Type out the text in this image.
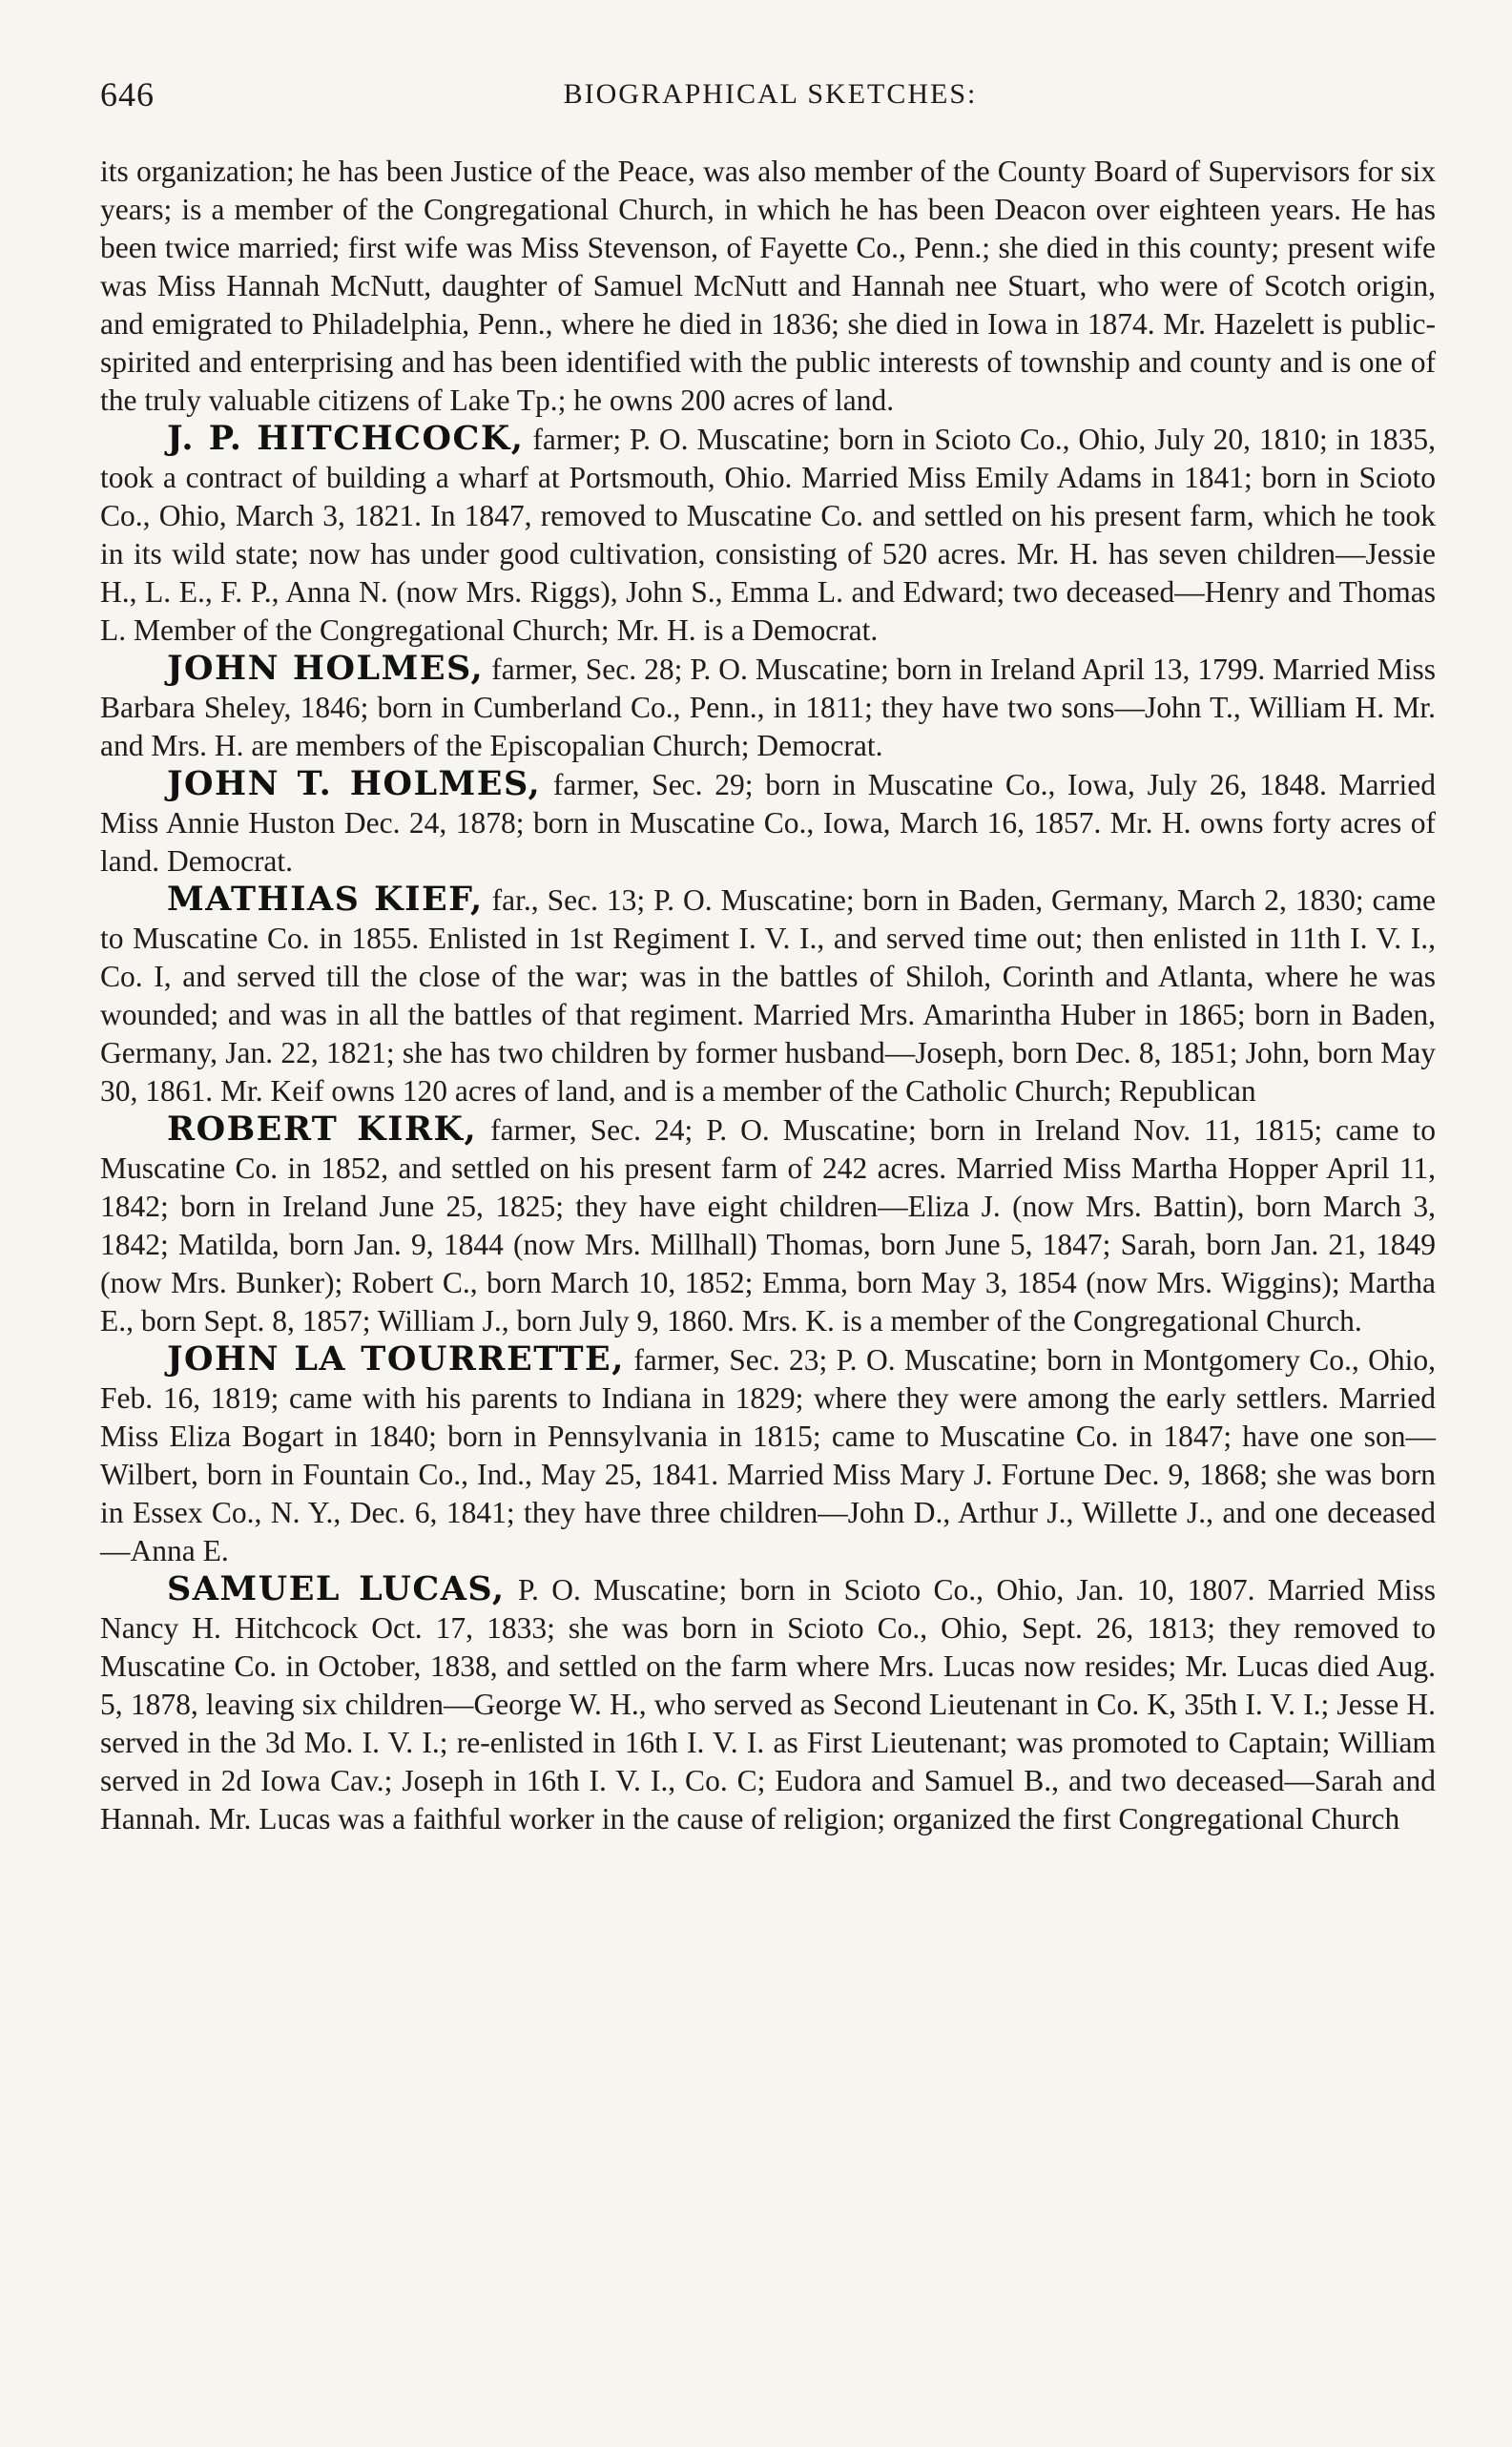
646	BIOGRAPHICAL SKETCHES:

its organization; he has been Justice of the Peace, was also member of the County Board of Supervisors for six years; is a member of the Congregational Church, in which he has been Deacon over eighteen years. He has been twice married; first wife was Miss Stevenson, of Fayette Co., Penn.; she died in this county; present wife was Miss Hannah McNutt, daughter of Samuel McNutt and Hannah nee Stuart, who were of Scotch origin, and emigrated to Philadelphia, Penn., where he died in 1836; she died in Iowa in 1874. Mr. Hazelett is public-spirited and enterprising and has been identified with the public interests of township and county and is one of the truly valuable citizens of Lake Tp.; he owns 200 acres of land.

J. P. HITCHCOCK, farmer; P. O. Muscatine; born in Scioto Co., Ohio, July 20, 1810; in 1835, took a contract of building a wharf at Portsmouth, Ohio. Married Miss Emily Adams in 1841; born in Scioto Co., Ohio, March 3, 1821. In 1847, removed to Muscatine Co. and settled on his present farm, which he took in its wild state; now has under good cultivation, consisting of 520 acres. Mr. H. has seven children—Jessie H., L. E., F. P., Anna N. (now Mrs. Riggs), John S., Emma L. and Edward; two deceased—Henry and Thomas L. Member of the Congregational Church; Mr. H. is a Democrat.

JOHN HOLMES, farmer, Sec. 28; P. O. Muscatine; born in Ireland April 13, 1799. Married Miss Barbara Sheley, 1846; born in Cumberland Co., Penn., in 1811; they have two sons—John T., William H. Mr. and Mrs. H. are members of the Episcopalian Church; Democrat.

JOHN T. HOLMES, farmer, Sec. 29; born in Muscatine Co., Iowa, July 26, 1848. Married Miss Annie Huston Dec. 24, 1878; born in Muscatine Co., Iowa, March 16, 1857. Mr. H. owns forty acres of land. Democrat.

MATHIAS KIEF, far., Sec. 13; P. O. Muscatine; born in Baden, Germany, March 2, 1830; came to Muscatine Co. in 1855. Enlisted in 1st Regiment I. V. I., and served time out; then enlisted in 11th I. V. I., Co. I, and served till the close of the war; was in the battles of Shiloh, Corinth and Atlanta, where he was wounded; and was in all the battles of that regiment. Married Mrs. Amarintha Huber in 1865; born in Baden, Germany, Jan. 22, 1821; she has two children by former husband—Joseph, born Dec. 8, 1851; John, born May 30, 1861. Mr. Keif owns 120 acres of land, and is a member of the Catholic Church; Republican

ROBERT KIRK, farmer, Sec. 24; P. O. Muscatine; born in Ireland Nov. 11, 1815; came to Muscatine Co. in 1852, and settled on his present farm of 242 acres. Married Miss Martha Hopper April 11, 1842; born in Ireland June 25, 1825; they have eight children—Eliza J. (now Mrs. Battin), born March 3, 1842; Matilda, born Jan. 9, 1844 (now Mrs. Millhall) Thomas, born June 5, 1847; Sarah, born Jan. 21, 1849 (now Mrs. Bunker); Robert C., born March 10, 1852; Emma, born May 3, 1854 (now Mrs. Wiggins); Martha E., born Sept. 8, 1857; William J., born July 9, 1860. Mrs. K. is a member of the Congregational Church.

JOHN LA TOURRETTE, farmer, Sec. 23; P. O. Muscatine; born in Montgomery Co., Ohio, Feb. 16, 1819; came with his parents to Indiana in 1829; where they were among the early settlers. Married Miss Eliza Bogart in 1840; born in Pennsylvania in 1815; came to Muscatine Co. in 1847; have one son—Wilbert, born in Fountain Co., Ind., May 25, 1841. Married Miss Mary J. Fortune Dec. 9, 1868; she was born in Essex Co., N. Y., Dec. 6, 1841; they have three children—John D., Arthur J., Willette J., and one deceased—Anna E.

SAMUEL LUCAS, P. O. Muscatine; born in Scioto Co., Ohio, Jan. 10, 1807. Married Miss Nancy H. Hitchcock Oct. 17, 1833; she was born in Scioto Co., Ohio, Sept. 26, 1813; they removed to Muscatine Co. in October, 1838, and settled on the farm where Mrs. Lucas now resides; Mr. Lucas died Aug. 5, 1878, leaving six children—George W. H., who served as Second Lieutenant in Co. K, 35th I. V. I.; Jesse H. served in the 3d Mo. I. V. I.; re-enlisted in 16th I. V. I. as First Lieutenant; was promoted to Captain; William served in 2d Iowa Cav.; Joseph in 16th I. V. I., Co. C; Eudora and Samuel B., and two deceased—Sarah and Hannah. Mr. Lucas was a faithful worker in the cause of religion; organized the first Congregational Church
